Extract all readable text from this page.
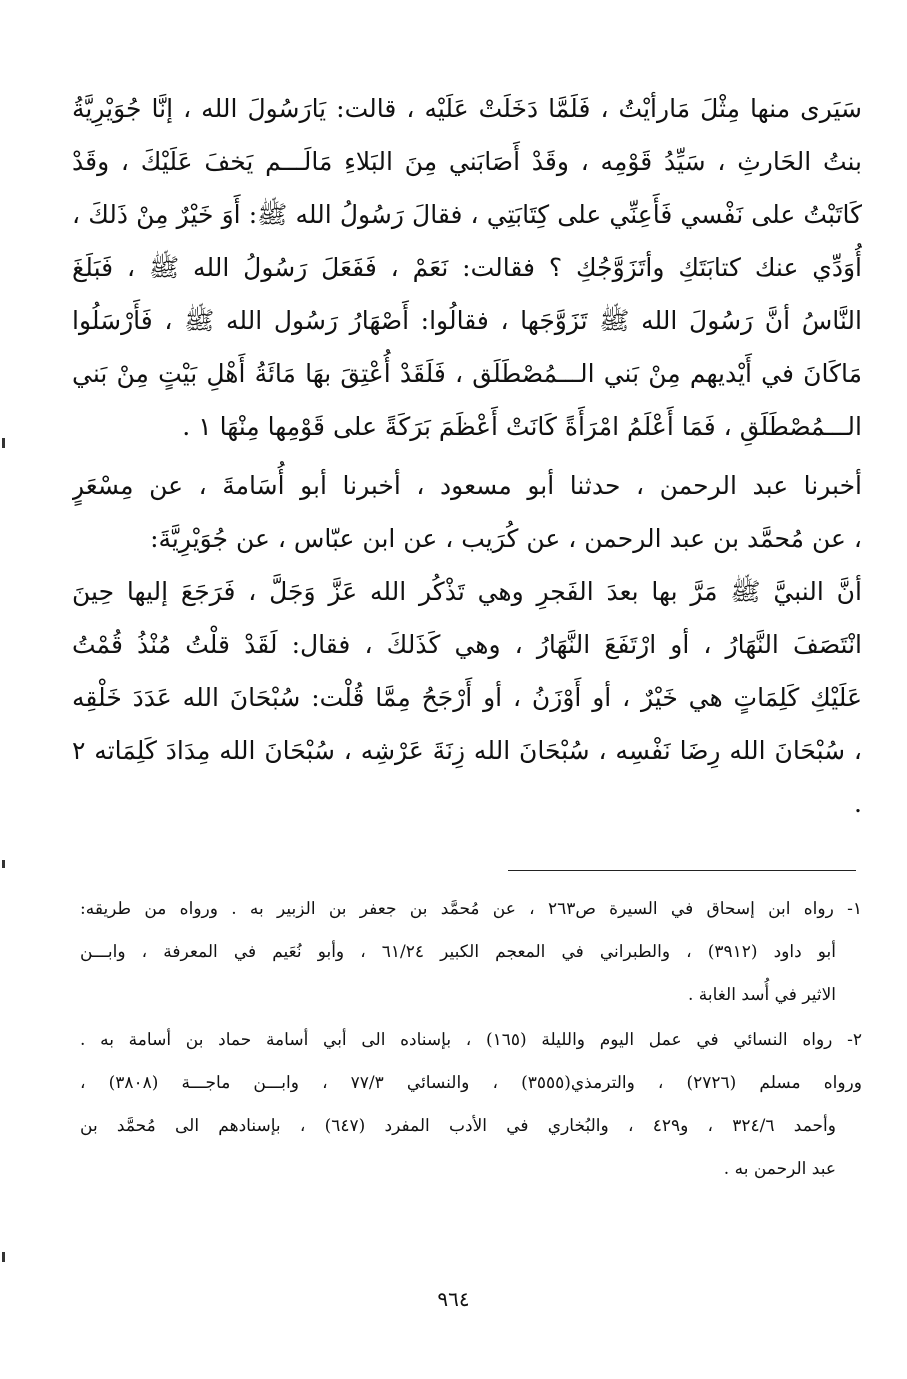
سَيَرى منها مِثْلَ مَارأيْتُ ، فَلَمَّا دَخَلَتْ عَلَيْه ، قالت: يَارَسُولَ الله ، إنَّا جُوَيْرِيَّةُ
بنتُ الحَارثِ ، سَيِّدُ قَوْمِه ، وقَدْ أَصَابَني مِنَ البَلاءِ مَالَـــم يَخفَ عَلَيْكَ ، وقَدْ
كَاتَبْتُ على نَفْسي فَأَعِنِّي على كِتَابَتِي ، فقالَ رَسُولُ الله ﷺ: أَوَ خَيْرٌ مِنْ ذَلكَ ،
أُوَدِّي عنك كتابَتَكِ وأتَزَوَّجُكِ ؟ فقالت: نَعَمْ ، فَفَعَلَ رَسُولُ الله ﷺ ، فَبَلَغَ
النَّاسُ أنَّ رَسُولَ الله ﷺ تَزَوَّجَها ، فقالُوا: أَصْهَارُ رَسُول الله ﷺ ، فَأَرْسَلُوا
مَاكَانَ في أَيْديهم مِنْ بَني الـــمُصْطَلَق ، فَلَقَدْ أُعْتِقَ بهَا مَائَةُ أَهْلِ بَيْتٍ مِنْ بَني
الـــمُصْطَلَقِ ، فَمَا أَعْلَمُ امْرَأَةً كَانَتْ أَعْظَمَ بَرَكَةً على قَوْمِها مِنْهَا ١ .
أخبرنا عبد الرحمن ، حدثنا أبو مسعود ، أخبرنا أبو أُسَامةَ ، عن مِسْعَرٍ
، عن مُحمَّد بن عبد الرحمن ، عن كُرَيب ، عن ابن عبّاس ، عن جُوَيْرِيَّةَ:
أنَّ النبيَّ ﷺ مَرَّ بها بعدَ الفَجرِ وهي تَذْكُر الله عَزَّ وَجَلَّ ، فَرَجَعَ إليها حِينَ
انْتَصَفَ النَّهَارُ ، أو ارْتَفَعَ النَّهَارُ ، وهي كَذَلكَ ، فقال: لَقَدْ قلْتُ مُنْذُ قُمْتُ
عَلَيْكِ كَلِمَاتٍ هي خَيْرٌ ، أو أَوْزَنُ ، أو أَرْجَحُ مِمَّا قُلْت: سُبْحَانَ الله عَدَدَ خَلْقِه
، سُبْحَانَ الله رِضَا نَفْسِه ، سُبْحَانَ الله زِنَةَ عَرْشِه ، سُبْحَانَ الله مِدَادَ كَلِمَاته ٢
.
١- رواه ابن إسحاق في السيرة ص٢٦٣ ، عن مُحمَّد بن جعفر بن الزبير به . ورواه من طريقه:
أبو داود (٣٩١٢) ، والطبراني في المعجم الكبير ٦١/٢٤ ، وأبو نُعَيم في المعرفة ، وابـــن
الاثير في أُسد الغابة .
٢- رواه النسائي في عمل اليوم والليلة (١٦٥) ، بإسناده الى أبي أسامة حماد بن أسامة به .
ورواه مسلم (٢٧٢٦) ، والترمذي(٣٥٥٥) ، والنسائي ٧٧/٣ ، وابـــن ماجـــة (٣٨٠٨) ،
وأحمد ٣٢٤/٦ ، و٤٢٩ ، والبُخاري في الأدب المفرد (٦٤٧) ، بإسنادهم الى مُحمَّد بن
عبد الرحمن به .
٩٦٤
